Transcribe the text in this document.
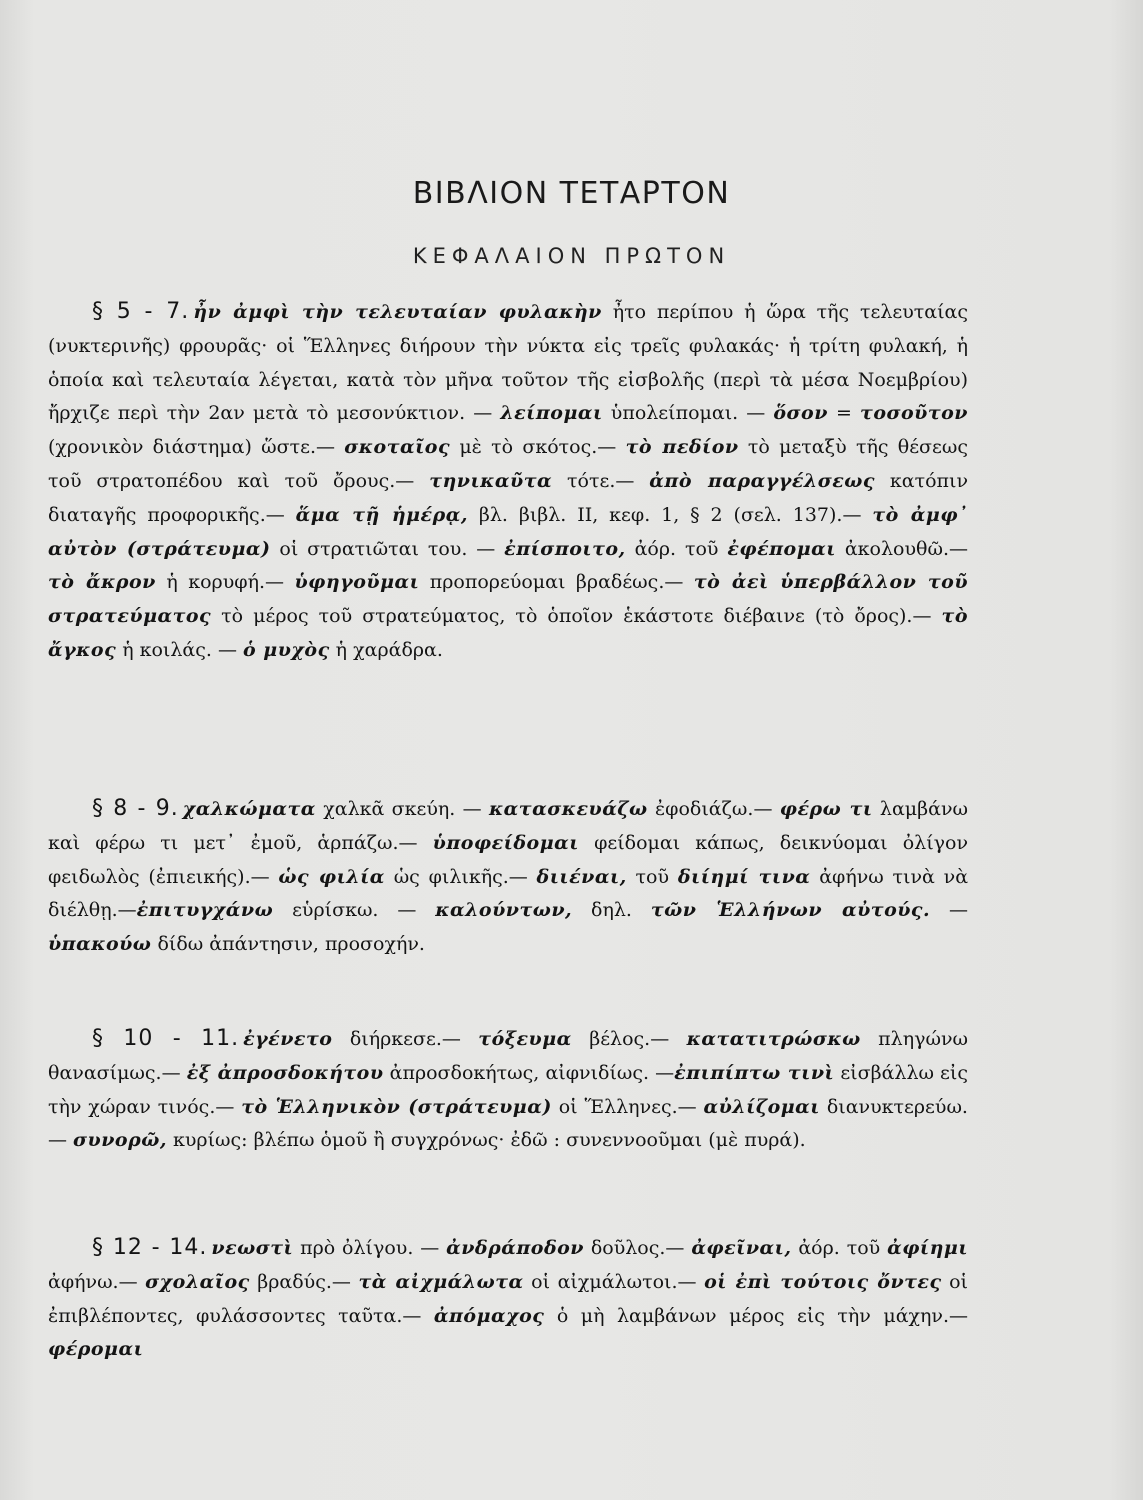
ΒΙΒΛΙΟΝ ΤΕΤΑΡΤΟΝ
ΚΕΦΑΛΑΙΟΝ ΠΡΩΤΟΝ

§ 5 - 7. ἦν ἀμφὶ τὴν τελευταίαν φυλακὴν ἦτο περίπου ἡ ὥρα τῆς τελευταίας (νυκτερινῆς) φρουρᾶς· οἱ Ἕλληνες διήρουν τὴν νύκτα εἰς τρεῖς φυλακάς· ἡ τρίτη φυλακή, ἡ ὁποία καὶ τελευταία λέγεται, κατὰ τὸν μῆνα τοῦτον τῆς εἰσβολῆς (περὶ τὰ μέσα Νοεμβρίου) ἤρχιζε περὶ τὴν 2αν μετὰ τὸ μεσονύκτιον. — λείπομαι ὑπολείπομαι. — ὅσον = τοσοῦτον (χρονικὸν διάστημα) ὥστε.— σκοταῖος μὲ τὸ σκότος.— τὸ πεδίον τὸ μεταξὺ τῆς θέσεως τοῦ στρατοπέδου καὶ τοῦ ὄρους.— τηνικαῦτα τότε.— ἀπὸ παραγγέλσεως κατόπιν διαταγῆς προφορικῆς.— ἅμα τῇ ἡμέρᾳ, βλ. βιβλ. II, κεφ. 1, § 2 (σελ. 137).— τὸ ἀμφ᾽ αὐτὸν (στράτευμα) οἱ στρατιῶται του. — ἐπίσποιτο, ἀόρ. τοῦ ἐφέπομαι ἀκολουθῶ.— τὸ ἄκρον ἡ κορυφή.— ὑφηγοῦμαι προπορεύομαι βραδέως.— τὸ ἀεὶ ὑπερβάλλον τοῦ στρατεύματος τὸ μέρος τοῦ στρατεύματος, τὸ ὁποῖον ἑκάστοτε διέβαινε (τὸ ὄρος).— τὸ ἄγκος ἡ κοιλάς. — ὁ μυχὸς ἡ χαράδρα.

§ 8 - 9. χαλκώματα χαλκᾶ σκεύη. — κατασκευάζω ἐφοδιάζω.— φέρω τι λαμβάνω καὶ φέρω τι μετ᾽ ἐμοῦ, ἁρπάζω.— ὑποφείδομαι φείδομαι κάπως, δεικνύομαι ὀλίγον φειδωλὸς (ἐπιεικής).— ὡς φιλία ὡς φιλικῆς.— διιέναι, τοῦ διίημί τινα ἀφήνω τινὰ νὰ διέλθῃ.—ἐπιτυγχάνω εὑρίσκω. — καλούντων, δηλ. τῶν Ἑλλήνων αὐτούς. — ὑπακούω δίδω ἀπάντησιν, προσοχήν.

§ 10 - 11. ἐγένετο διήρκεσε.— τόξευμα βέλος.— κατατιτρώσκω πληγώνω θανασίμως.— ἐξ ἀπροσδοκήτου ἀπροσδοκήτως, αἰφνιδίως. —ἐπιπίπτω τινὶ εἰσβάλλω εἰς τὴν χώραν τινός.— τὸ Ἑλληνικὸν (στράτευμα) οἱ Ἕλληνες.— αὐλίζομαι διανυκτερεύω.— συνορῶ, κυρίως: βλέπω ὁμοῦ ἢ συγχρόνως· ἐδῶ : συνεννοοῦμαι (μὲ πυρά).

§ 12 - 14. νεωστὶ πρὸ ὀλίγου. — ἀνδράποδον δοῦλος.— ἀφεῖναι, ἀόρ. τοῦ ἀφίημι ἀφήνω.— σχολαῖος βραδύς.— τὰ αἰχμάλωτα οἱ αἰχμάλωτοι.— οἱ ἐπὶ τούτοις ὄντες οἱ ἐπιβλέποντες, φυλάσσοντες ταῦτα.— ἀπόμαχος ὁ μὴ λαμβάνων μέρος εἰς τὴν μάχην.— φέρομαι
